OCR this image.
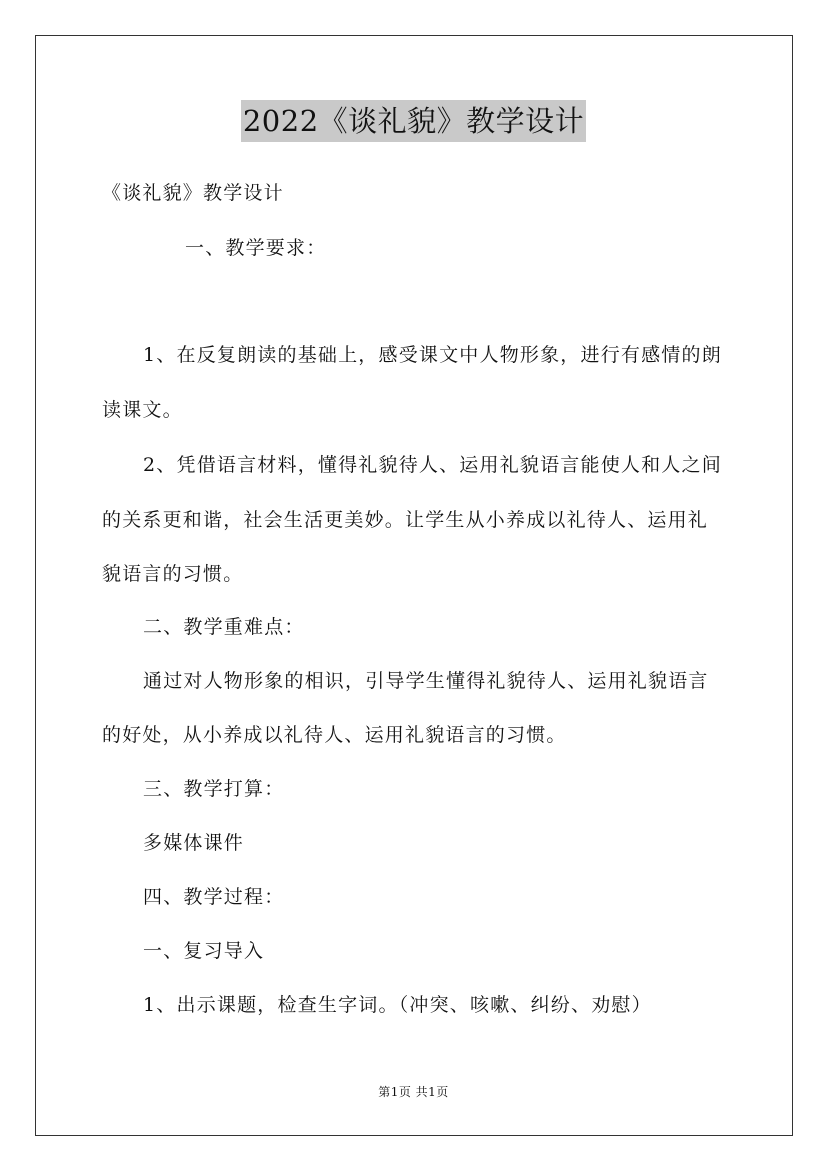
2022《谈礼貌》教学设计
《谈礼貌》教学设计
一、教学要求：
1、在反复朗读的基础上，感受课文中人物形象，进行有感情的朗
读课文。
2、凭借语言材料，懂得礼貌待人、运用礼貌语言能使人和人之间
的关系更和谐，社会生活更美妙。让学生从小养成以礼待人、运用礼
貌语言的习惯。
二、教学重难点：
通过对人物形象的相识，引导学生懂得礼貌待人、运用礼貌语言
的好处，从小养成以礼待人、运用礼貌语言的习惯。
三、教学打算：
多媒体课件
四、教学过程：
一、复习导入
1、出示课题，检查生字词。（冲突、咳嗽、纠纷、劝慰）
第1页 共1页
